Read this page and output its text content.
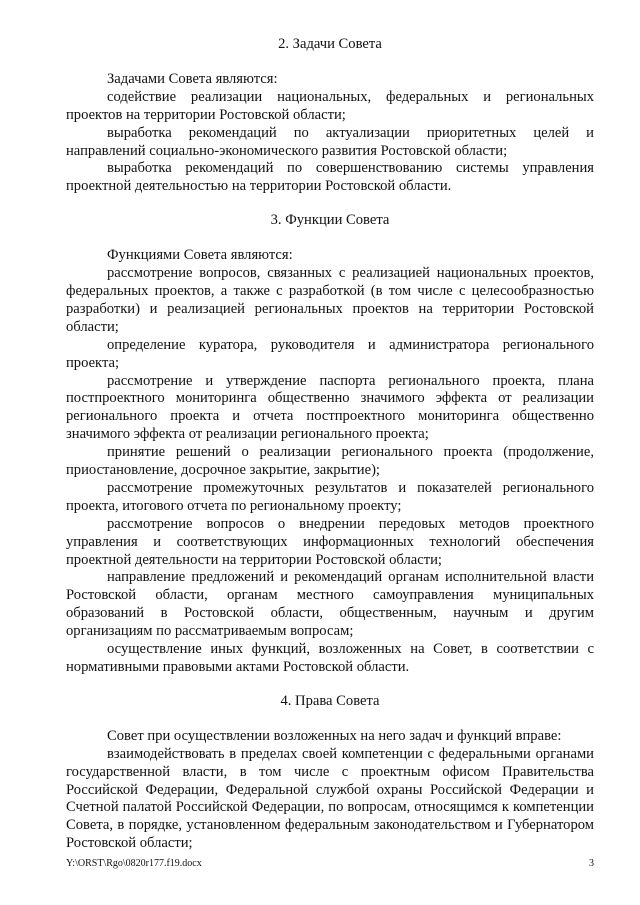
2. Задачи Совета

Задачами Совета являются:

содействие реализации национальных, федеральных и региональных проектов на территории Ростовской области;

выработка рекомендаций по актуализации приоритетных целей и направлений социально-экономического развития Ростовской области;

выработка рекомендаций по совершенствованию системы управления проектной деятельностью на территории Ростовской области.

3. Функции Совета

Функциями Совета являются:

рассмотрение вопросов, связанных с реализацией национальных проектов, федеральных проектов, а также с разработкой (в том числе с целесообразностью разработки) и реализацией региональных проектов на территории Ростовской области;

определение куратора, руководителя и администратора регионального проекта;

рассмотрение и утверждение паспорта регионального проекта, плана постпроектного мониторинга общественно значимого эффекта от реализации регионального проекта и отчета постпроектного мониторинга общественно значимого эффекта от реализации регионального проекта;

принятие решений о реализации регионального проекта (продолжение, приостановление, досрочное закрытие, закрытие);

рассмотрение промежуточных результатов и показателей регионального проекта, итогового отчета по региональному проекту;

рассмотрение вопросов о внедрении передовых методов проектного управления и соответствующих информационных технологий обеспечения проектной деятельности на территории Ростовской области;

направление предложений и рекомендаций органам исполнительной власти Ростовской области, органам местного самоуправления муниципальных образований в Ростовской области, общественным, научным и другим организациям по рассматриваемым вопросам;

осуществление иных функций, возложенных на Совет, в соответствии с нормативными правовыми актами Ростовской области.

4. Права Совета

Совет при осуществлении возложенных на него задач и функций вправе:

взаимодействовать в пределах своей компетенции с федеральными органами государственной власти, в том числе с проектным офисом Правительства Российской Федерации, Федеральной службой охраны Российской Федерации и Счетной палатой Российской Федерации, по вопросам, относящимся к компетенции Совета, в порядке, установленном федеральным законодательством и Губернатором Ростовской области;

Y:\ORST\Rgo\0820r177.f19.docx	3
